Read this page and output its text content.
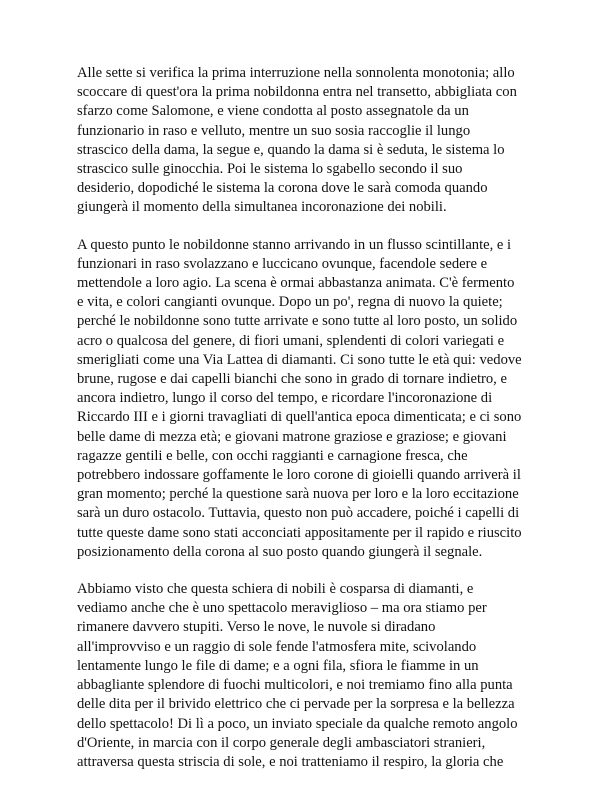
Alle sette si verifica la prima interruzione nella sonnolenta monotonia; allo
scoccare di quest'ora la prima nobildonna entra nel transetto, abbigliata con
sfarzo come Salomone, e viene condotta al posto assegnatole da un
funzionario in raso e velluto, mentre un suo sosia raccoglie il lungo
strascico della dama, la segue e, quando la dama si è seduta, le sistema lo
strascico sulle ginocchia. Poi le sistema lo sgabello secondo il suo
desiderio, dopodiché le sistema la corona dove le sarà comoda quando
giungerà il momento della simultanea incoronazione dei nobili.

A questo punto le nobildonne stanno arrivando in un flusso scintillante, e i
funzionari in raso svolazzano e luccicano ovunque, facendole sedere e
mettendole a loro agio. La scena è ormai abbastanza animata. C'è fermento
e vita, e colori cangianti ovunque. Dopo un po', regna di nuovo la quiete;
perché le nobildonne sono tutte arrivate e sono tutte al loro posto, un solido
acro o qualcosa del genere, di fiori umani, splendenti di colori variegati e
smerigliati come una Via Lattea di diamanti. Ci sono tutte le età qui: vedove
brune, rugose e dai capelli bianchi che sono in grado di tornare indietro, e
ancora indietro, lungo il corso del tempo, e ricordare l'incoronazione di
Riccardo III e i giorni travagliati di quell'antica epoca dimenticata; e ci sono
belle dame di mezza età; e giovani matrone graziose e graziose; e giovani
ragazze gentili e belle, con occhi raggianti e carnagione fresca, che
potrebbero indossare goffamente le loro corone di gioielli quando arriverà il
gran momento; perché la questione sarà nuova per loro e la loro eccitazione
sarà un duro ostacolo. Tuttavia, questo non può accadere, poiché i capelli di
tutte queste dame sono stati acconciati appositamente per il rapido e riuscito
posizionamento della corona al suo posto quando giungerà il segnale.

Abbiamo visto che questa schiera di nobili è cosparsa di diamanti, e
vediamo anche che è uno spettacolo meraviglioso – ma ora stiamo per
rimanere davvero stupiti. Verso le nove, le nuvole si diradano
all'improvviso e un raggio di sole fende l'atmosfera mite, scivolando
lentamente lungo le file di dame; e a ogni fila, sfiora le fiamme in un
abbagliante splendore di fuochi multicolori, e noi tremiamo fino alla punta
delle dita per il brivido elettrico che ci pervade per la sorpresa e la bellezza
dello spettacolo! Di lì a poco, un inviato speciale da qualche remoto angolo
d'Oriente, in marcia con il corpo generale degli ambasciatori stranieri,
attraversa questa striscia di sole, e noi tratteniamo il respiro, la gloria che
